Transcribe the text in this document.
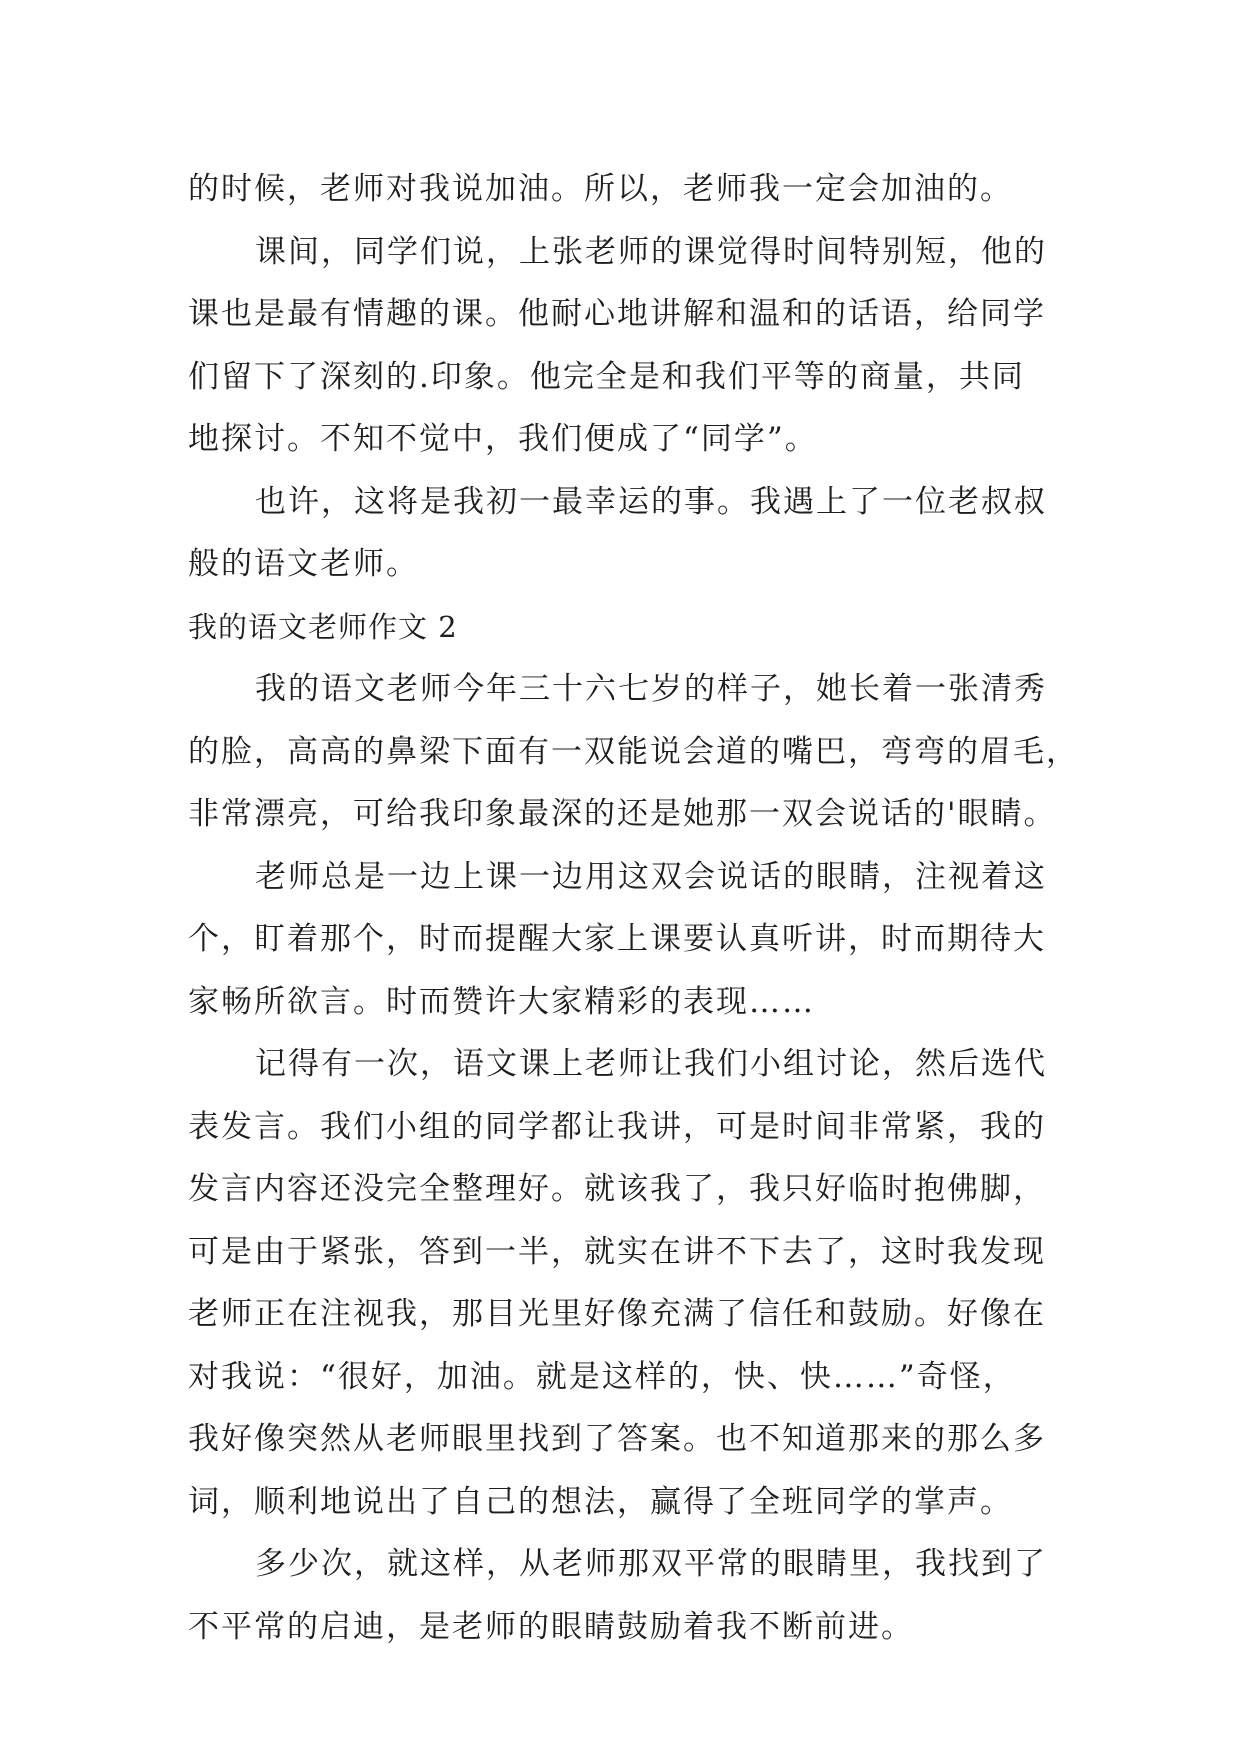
的时候，老师对我说加油。所以，老师我一定会加油的。
课间，同学们说，上张老师的课觉得时间特别短，他的
课也是最有情趣的课。他耐心地讲解和温和的话语，给同学
们留下了深刻的.印象。他完全是和我们平等的商量，共同
地探讨。不知不觉中，我们便成了“同学”。
也许，这将是我初一最幸运的事。我遇上了一位老叔叔
般的语文老师。
我的语文老师作文 2
我的语文老师今年三十六七岁的样子，她长着一张清秀
的脸，高高的鼻梁下面有一双能说会道的嘴巴，弯弯的眉毛，
非常漂亮，可给我印象最深的还是她那一双会说话的'眼睛。
老师总是一边上课一边用这双会说话的眼睛，注视着这
个，盯着那个，时而提醒大家上课要认真听讲，时而期待大
家畅所欲言。时而赞许大家精彩的表现……
记得有一次，语文课上老师让我们小组讨论，然后选代
表发言。我们小组的同学都让我讲，可是时间非常紧，我的
发言内容还没完全整理好。就该我了，我只好临时抱佛脚，
可是由于紧张，答到一半，就实在讲不下去了，这时我发现
老师正在注视我，那目光里好像充满了信任和鼓励。好像在
对我说：“很好，加油。就是这样的，快、快……”奇怪，
我好像突然从老师眼里找到了答案。也不知道那来的那么多
词，顺利地说出了自己的想法，赢得了全班同学的掌声。
多少次，就这样，从老师那双平常的眼睛里，我找到了
不平常的启迪，是老师的眼睛鼓励着我不断前进。
